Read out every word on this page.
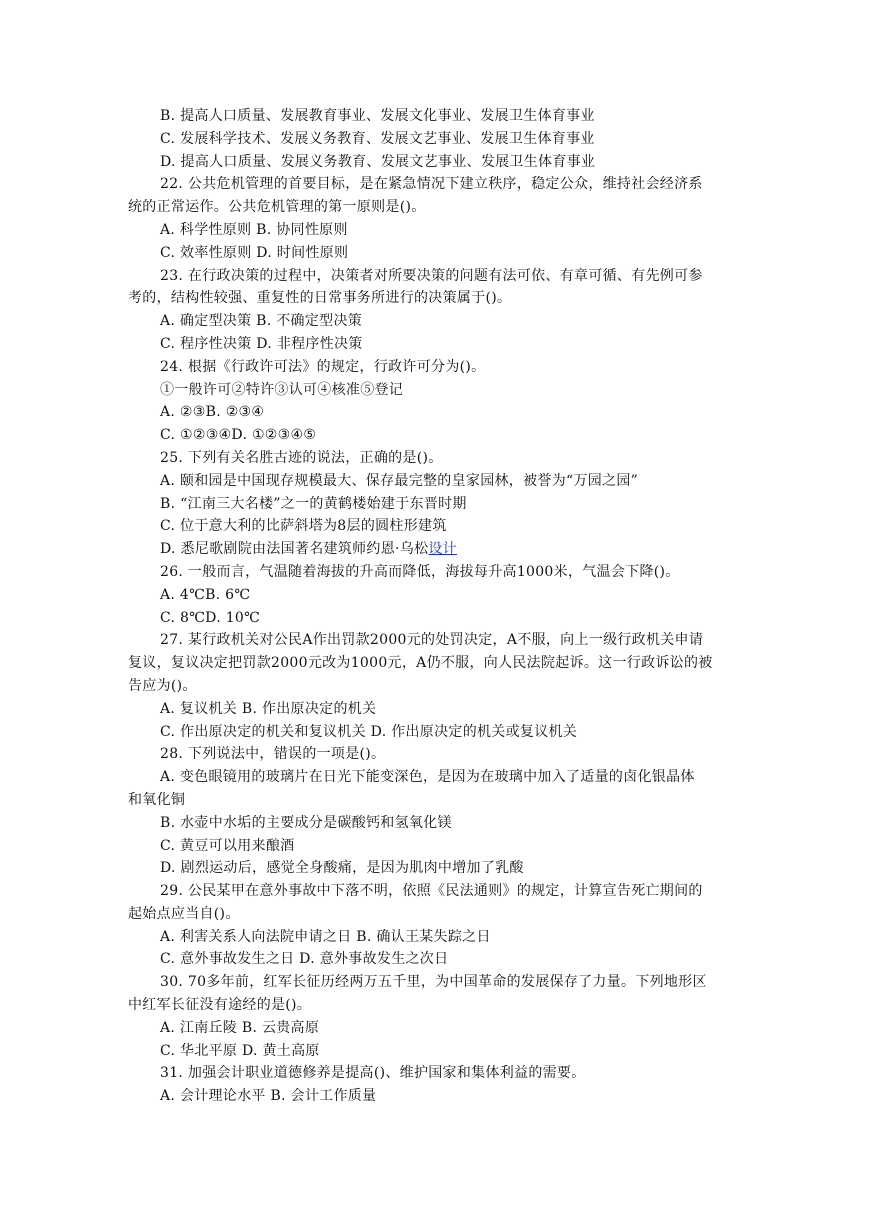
B. 提高人口质量、发展教育事业、发展文化事业、发展卫生体育事业
C. 发展科学技术、发展义务教育、发展文艺事业、发展卫生体育事业
D. 提高人口质量、发展义务教育、发展文艺事业、发展卫生体育事业
22. 公共危机管理的首要目标，是在紧急情况下建立秩序，稳定公众，维持社会经济系
统的正常运作。公共危机管理的第一原则是()。
A. 科学性原则 B. 协同性原则
C. 效率性原则 D. 时间性原则
23. 在行政决策的过程中，决策者对所要决策的问题有法可依、有章可循、有先例可参
考的，结构性较强、重复性的日常事务所进行的决策属于()。
A. 确定型决策 B. 不确定型决策
C. 程序性决策 D. 非程序性决策
24. 根据《行政许可法》的规定，行政许可分为()。
①一般许可②特许③认可④核准⑤登记
A. ②③B. ②③④
C. ①②③④D. ①②③④⑤
25. 下列有关名胜古迹的说法，正确的是()。
A. 颐和园是中国现存规模最大、保存最完整的皇家园林，被誉为“万园之园”
B. “江南三大名楼”之一的黄鹤楼始建于东晋时期
C. 位于意大利的比萨斜塔为8层的圆柱形建筑
D. 悉尼歌剧院由法国著名建筑师约恩·乌松设计
26. 一般而言，气温随着海拔的升高而降低，海拔每升高1000米，气温会下降()。
A. 4℃B. 6℃
C. 8℃D. 10℃
27. 某行政机关对公民A作出罚款2000元的处罚决定，A不服，向上一级行政机关申请
复议，复议决定把罚款2000元改为1000元，A仍不服，向人民法院起诉。这一行政诉讼的被
告应为()。
A. 复议机关 B. 作出原决定的机关
C. 作出原决定的机关和复议机关 D. 作出原决定的机关或复议机关
28. 下列说法中，错误的一项是()。
A. 变色眼镜用的玻璃片在日光下能变深色，是因为在玻璃中加入了适量的卤化银晶体
和氧化铜
B. 水壶中水垢的主要成分是碳酸钙和氢氧化镁
C. 黄豆可以用来酿酒
D. 剧烈运动后，感觉全身酸痛，是因为肌肉中增加了乳酸
29. 公民某甲在意外事故中下落不明，依照《民法通则》的规定，计算宣告死亡期间的
起始点应当自()。
A. 利害关系人向法院申请之日 B. 确认王某失踪之日
C. 意外事故发生之日 D. 意外事故发生之次日
30. 70多年前，红军长征历经两万五千里，为中国革命的发展保存了力量。下列地形区
中红军长征没有途经的是()。
A. 江南丘陵 B. 云贵高原
C. 华北平原 D. 黄土高原
31. 加强会计职业道德修养是提高()、维护国家和集体利益的需要。
A. 会计理论水平 B. 会计工作质量
